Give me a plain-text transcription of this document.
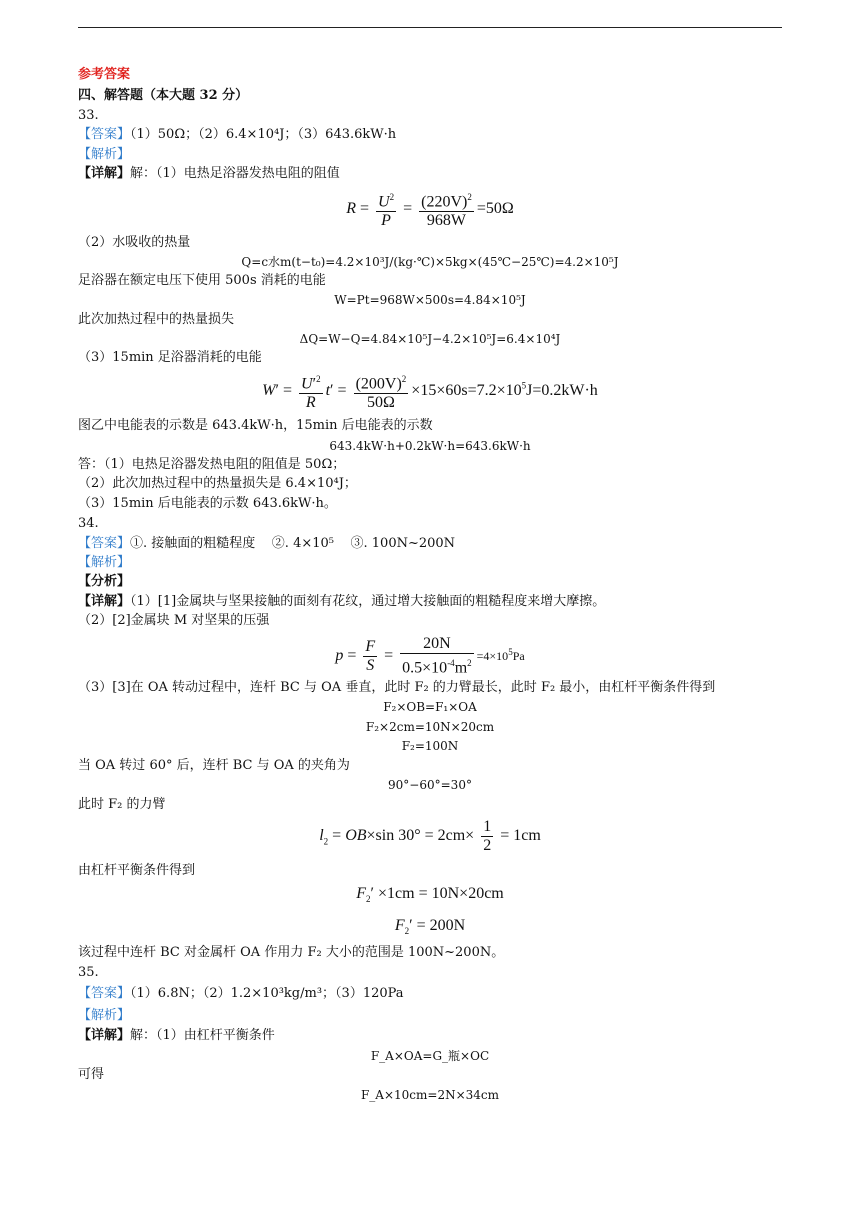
参考答案
四、解答题（本大题 32 分）
33.
【答案】（1）50Ω；（2）6.4×10⁴J；（3）643.6kW·h
【解析】
【详解】解：（1）电热足浴器发热电阻的阻值
$R = \frac{U^2}{P} = \frac{(220V)^2}{968W} =50\Omega$
（2）水吸收的热量
Q=c水m(t−t₀)=4.2×10³J/(kg·℃)×5kg×(45℃−25℃)=4.2×10⁵J
足浴器在额定电压下使用 500s 消耗的电能
W=Pt=968W×500s=4.84×10⁵J
此次加热过程中的热量损失
ΔQ=W−Q=4.84×10⁵J−4.2×10⁵J=6.4×10⁴J
（3）15min 足浴器消耗的电能
$W' = \frac{U'^2}{R} t' = \frac{(200V)^2}{50\Omega} \times 15\times 60s=7.2\times 10^5J=0.2kW\cdot h$
图乙中电能表的示数是 643.4kW·h，15min 后电能表的示数
643.4kW·h+0.2kW·h=643.6kW·h
答：（1）电热足浴器发热电阻的阻值是 50Ω；
（2）此次加热过程中的热量损失是 6.4×10⁴J；
（3）15min 后电能表的示数 643.6kW·h。
34.
【答案】①. 接触面的粗糙程度    ②. 4×10⁵    ③. 100N~200N
【解析】
【分析】
【详解】（1）[1]金属块与坚果接触的面刻有花纹，通过增大接触面的粗糙程度来增大摩擦。
（2）[2]金属块 M 对坚果的压强
$p = \frac{F}{S} = \frac{20N}{0.5\times 10^{-4}m^2} =4\times 10^5Pa$
（3）[3]在 OA 转动过程中，连杆 BC 与 OA 垂直，此时 F₂ 的力臂最长，此时 F₂ 最小，由杠杆平衡条件得到
F₂×OB=F₁×OA
F₂×2cm=10N×20cm
F₂=100N
当 OA 转过 60° 后，连杆 BC 与 OA 的夹角为
90°−60°=30°
此时 F₂ 的力臂
$l_2 = OB\times\sin$ $30^\circ = 2cm\times \frac{1}{2} = 1cm$
由杠杆平衡条件得到
$F_2' \times 1cm = 10N\times 20cm$
$F_2' = 200N$
该过程中连杆 BC 对金属杆 OA 作用力 F₂ 大小的范围是 100N~200N。
35.
【答案】（1）6.8N；（2）1.2×10³kg/m³；（3）120Pa
【解析】
【详解】解：（1）由杠杆平衡条件
F_A×OA=G_瓶×OC
可得
F_A×10cm=2N×34cm
